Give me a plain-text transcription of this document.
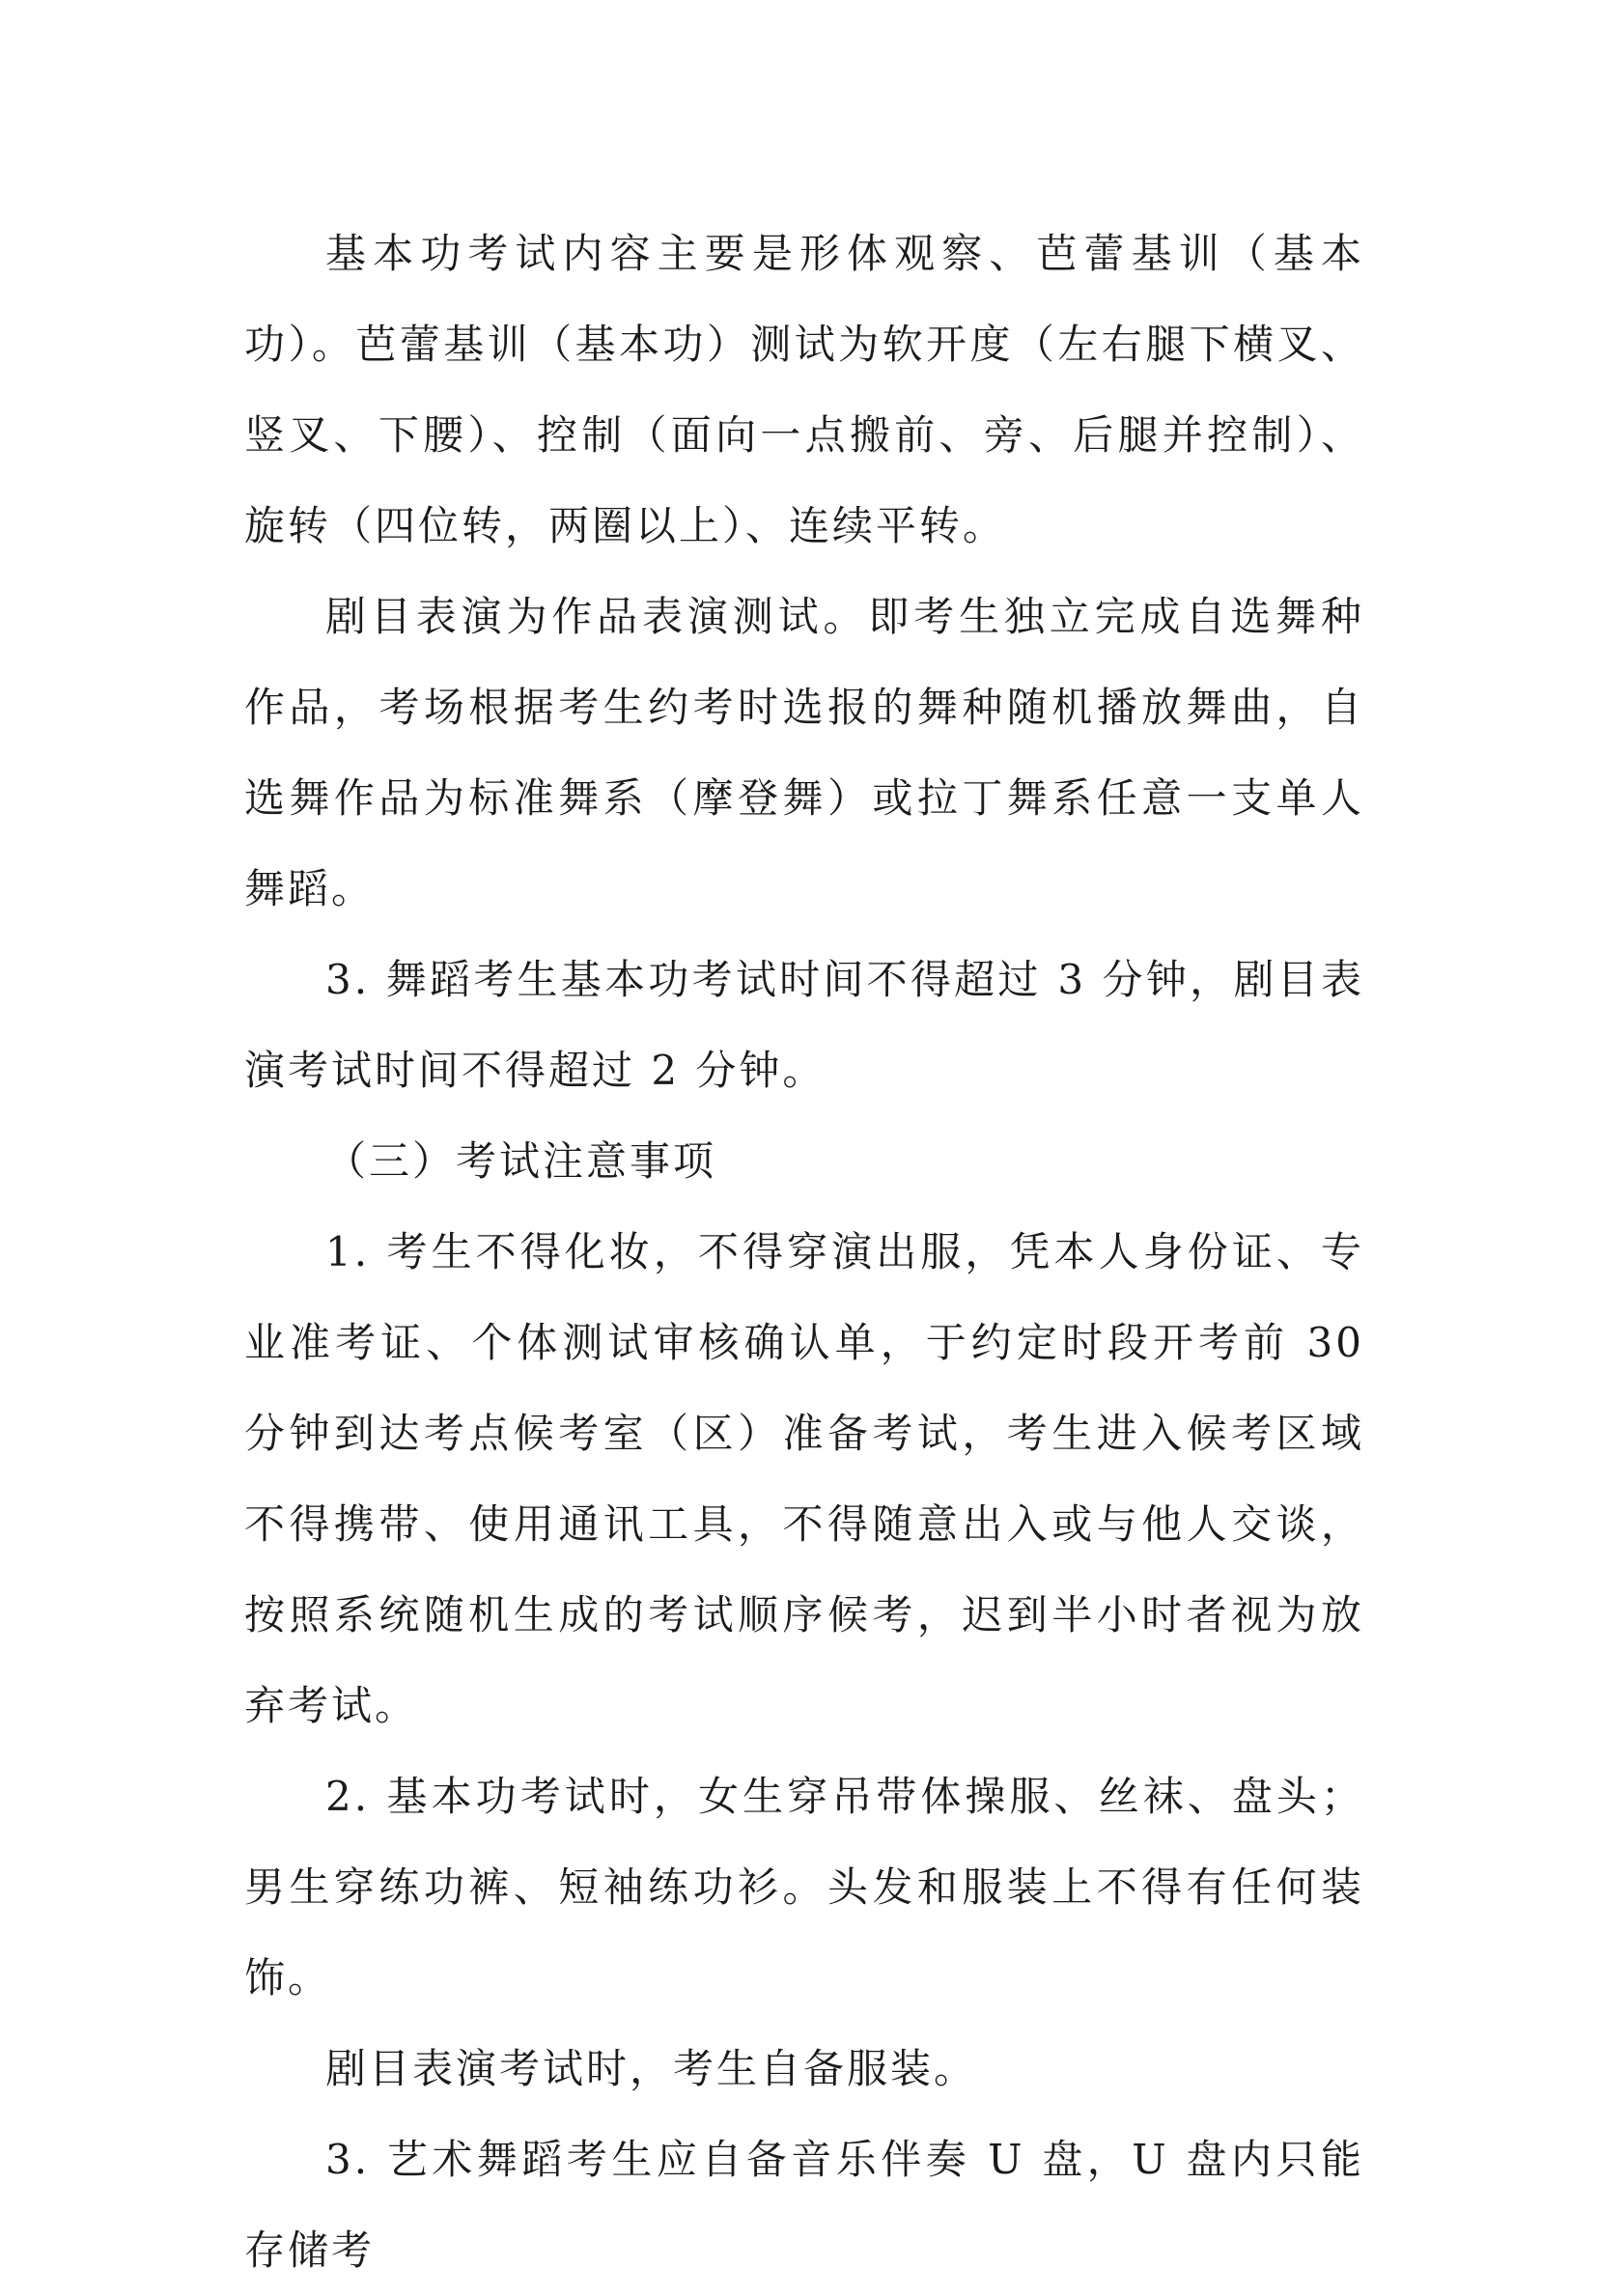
基本功考试内容主要是形体观察、芭蕾基训（基本功）。芭蕾基训（基本功）测试为软开度（左右腿下横叉、竖叉、下腰）、控制（面向一点搬前、旁、后腿并控制）、旋转（四位转，两圈以上）、连续平转。

剧目表演为作品表演测试。即考生独立完成自选舞种作品，考场根据考生约考时选报的舞种随机播放舞曲，自选舞作品为标准舞系（摩登舞）或拉丁舞系任意一支单人舞蹈。

3. 舞蹈考生基本功考试时间不得超过 3 分钟，剧目表演考试时间不得超过 2 分钟。

（三）考试注意事项

1. 考生不得化妆，不得穿演出服，凭本人身份证、专业准考证、个体测试审核确认单，于约定时段开考前 30 分钟到达考点候考室（区）准备考试，考生进入候考区域不得携带、使用通讯工具，不得随意出入或与他人交谈，按照系统随机生成的考试顺序候考，迟到半小时者视为放弃考试。

2. 基本功考试时，女生穿吊带体操服、丝袜、盘头；男生穿练功裤、短袖练功衫。头发和服装上不得有任何装饰。

剧目表演考试时，考生自备服装。

3. 艺术舞蹈考生应自备音乐伴奏 U 盘，U 盘内只能存储考
